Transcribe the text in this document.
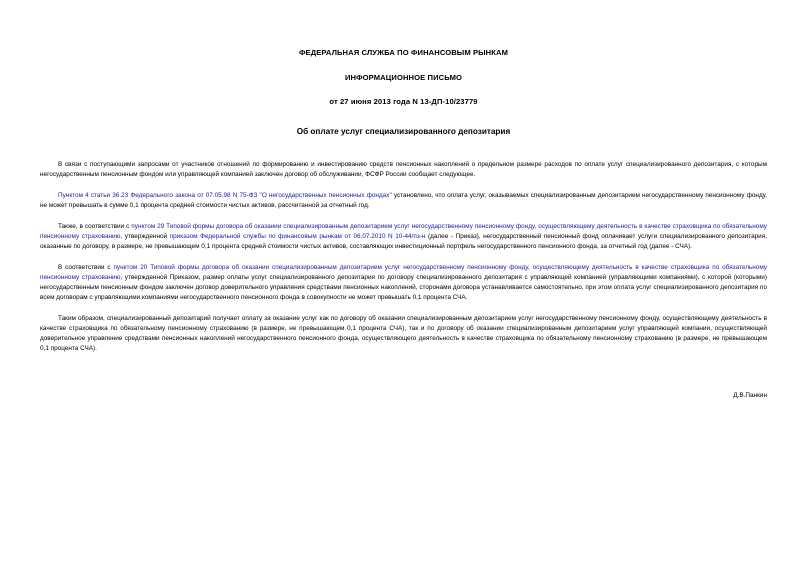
ФЕДЕРАЛЬНАЯ СЛУЖБА ПО ФИНАНСОВЫМ РЫНКАМ
ИНФОРМАЦИОННОЕ ПИСЬМО
от 27 июня 2013 года N 13-ДП-10/23779
Об оплате услуг специализированного депозитария

В связи с поступающими запросами от участников отношений по формированию и инвестированию средств пенсионных накоплений о предельном размере расходов по оплате услуг специализированного депозитария, с которым негосударственным пенсионным фондом или управляющей компанией заключен договор об обслуживании, ФСФР России сообщает следующее.

Пунктом 4 статьи 36.23 Федерального закона от 07.05.98 N 75-ФЗ "О негосударственных пенсионных фондах" установлено, что оплата услуг, оказываемых специализированным депозитарием негосударственному пенсионному фонду, не может превышать в сумме 0,1 процента средней стоимости чистых активов, рассчитанной за отчетный год.

Также, в соответствии с пунктом 29 Типовой формы договора об оказании специализированным депозитарием услуг негосударственному пенсионному фонду, осуществляющему деятельность в качестве страховщика по обязательному пенсионному страхованию, утвержденной приказом Федеральной службы по финансовым рынкам от 06.07.2010 N 10-44/пз-н (далее - Приказ), негосударственный пенсионный фонд оплачивает услуги специализированного депозитария, оказанные по договору, в размере, не превышающем 0,1 процента средней стоимости чистых активов, составляющих инвестиционный портфель негосударственного пенсионного фонда, за отчетный год (далее - СЧА).

В соответствии с пунктом 20 Типовой формы договора об оказании специализированным депозитарием услуг негосударственному пенсионному фонду, осуществляющему деятельность в качестве страховщика по обязательному пенсионному страхованию, утвержденной Приказом, размер оплаты услуг специализированного депозитария по договору специализированного депозитария с управляющей компанией (управляющими компаниями), с которой (которыми) негосударственным пенсионным фондом заключен договор доверительного управления средствами пенсионных накоплений, сторонами договора устанавливается самостоятельно, при этом оплата услуг специализированного депозитария по всем договорам с управляющими компаниями негосударственного пенсионного фонда в совокупности не может превышать 0,1 процента СЧА.

Таким образом, специализированный депозитарий получает оплату за оказание услуг как по договору об оказании специализированным депозитарием услуг негосударственному пенсионному фонду, осуществляющему деятельность в качестве страховщика по обязательному пенсионному страхованию (в размере, не превышающем 0,1 процента СЧА), так и по договору об оказании специализированным депозитарием услуг управляющей компании, осуществляющей доверительное управление средствами пенсионных накоплений негосударственного пенсионного фонда, осуществляющего деятельность в качестве страховщика по обязательному пенсионному страхованию (в размере, не превышающем 0,1 процента СЧА).

Д.В.Панкин
